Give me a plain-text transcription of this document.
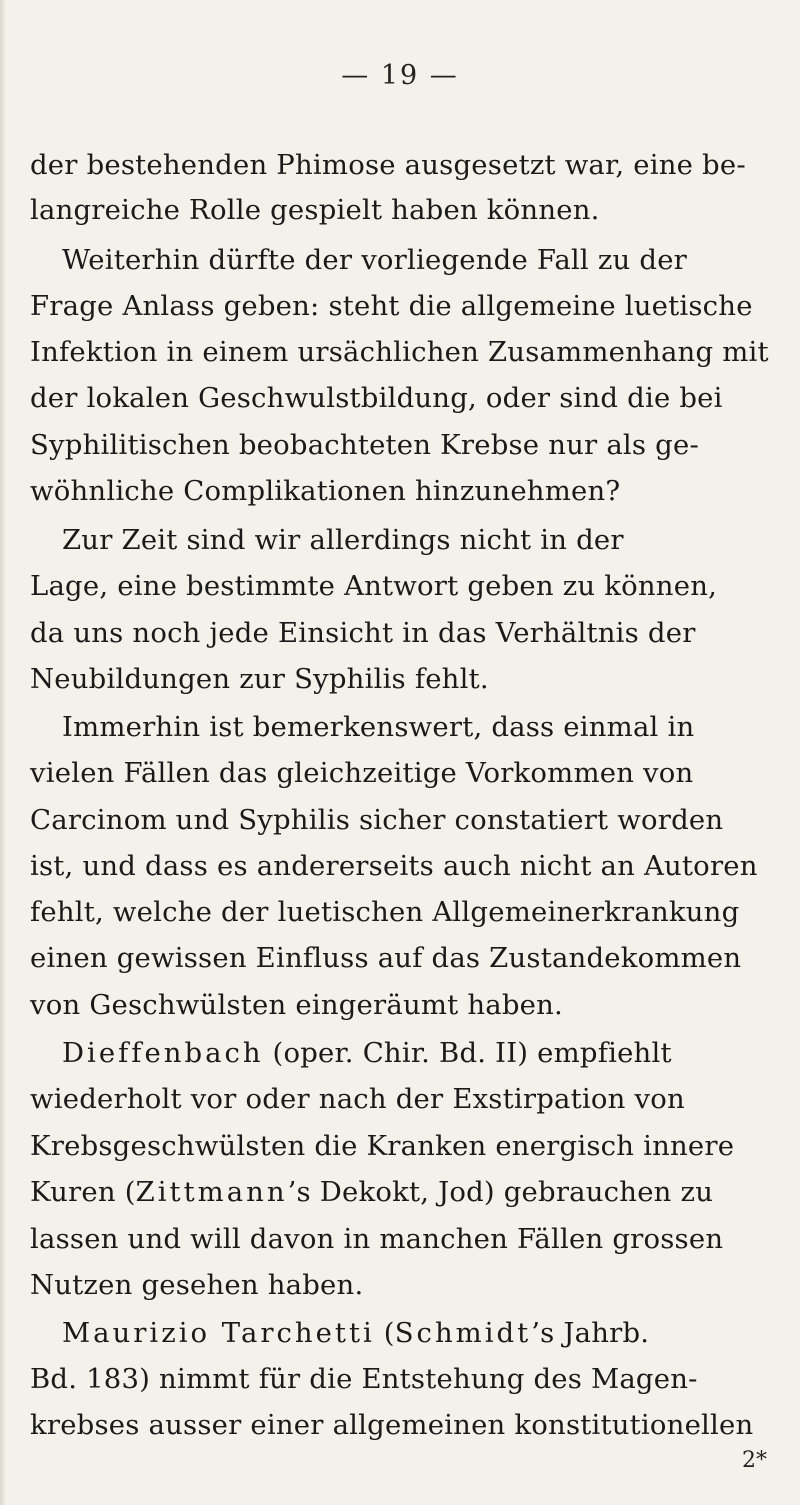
— 19 —
der bestehenden Phimose ausgesetzt war, eine be-
langreiche Rolle gespielt haben können.
Weiterhin dürfte der vorliegende Fall zu der
Frage Anlass geben: steht die allgemeine luetische
Infektion in einem ursächlichen Zusammenhang mit
der lokalen Geschwulstbildung, oder sind die bei
Syphilitischen beobachteten Krebse nur als ge-
wöhnliche Complikationen hinzunehmen?
Zur Zeit sind wir allerdings nicht in der
Lage, eine bestimmte Antwort geben zu können,
da uns noch jede Einsicht in das Verhältnis der
Neubildungen zur Syphilis fehlt.
Immerhin ist bemerkenswert, dass einmal in
vielen Fällen das gleichzeitige Vorkommen von
Carcinom und Syphilis sicher constatiert worden
ist, und dass es andererseits auch nicht an Autoren
fehlt, welche der luetischen Allgemeinerkrankung
einen gewissen Einfluss auf das Zustandekommen
von Geschwülsten eingeräumt haben.
Dieffenbach (oper. Chir. Bd. II) empfiehlt
wiederholt vor oder nach der Exstirpation von
Krebsgeschwülsten die Kranken energisch innere
Kuren (Zittmann’s Dekokt, Jod) gebrauchen zu
lassen und will davon in manchen Fällen grossen
Nutzen gesehen haben.
Maurizio Tarchetti (Schmidt’s Jahrb.
Bd. 183) nimmt für die Entstehung des Magen-
krebses ausser einer allgemeinen konstitutionellen
2*
